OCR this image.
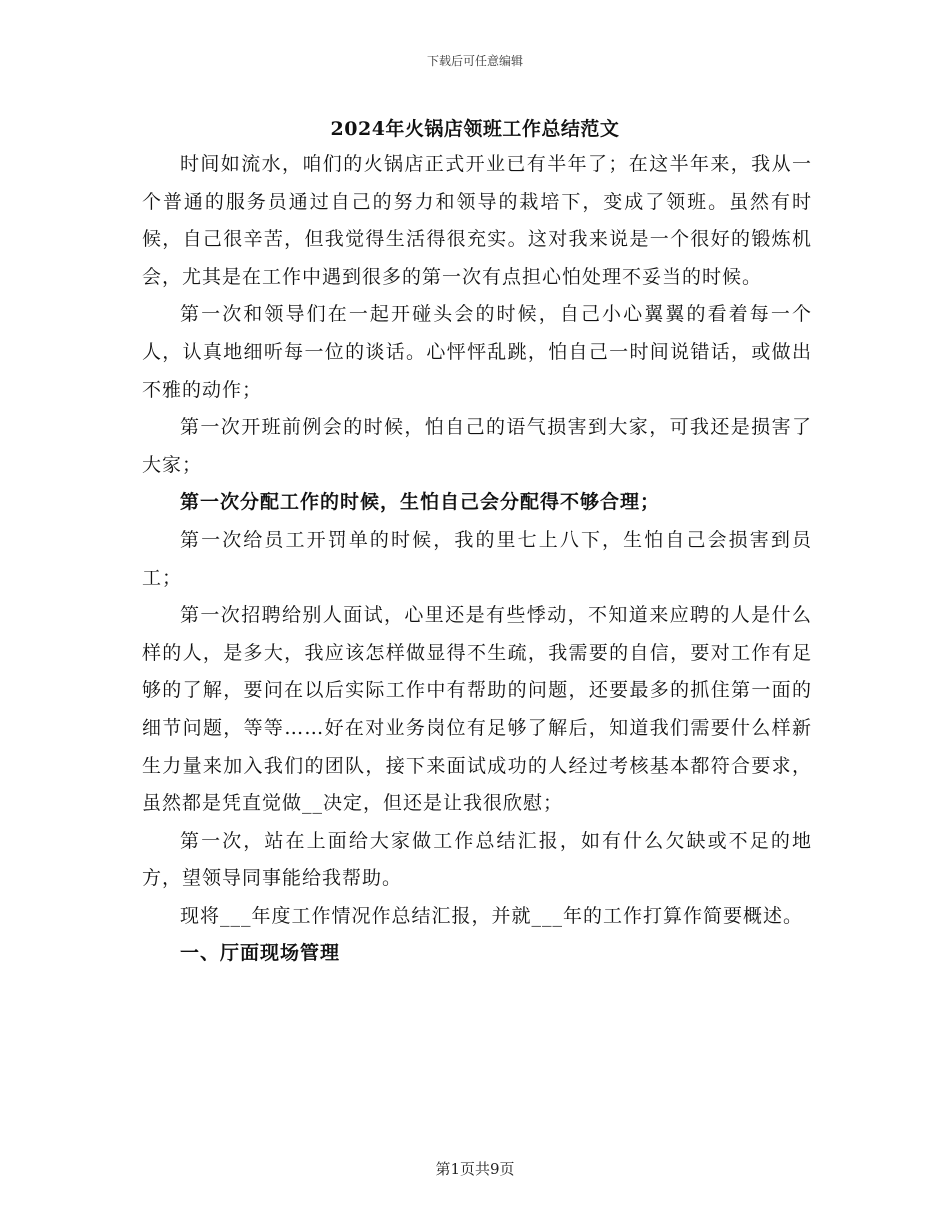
下载后可任意编辑
2024年火锅店领班工作总结范文

时间如流水，咱们的火锅店正式开业已有半年了；在这半年来，我从一个普通的服务员通过自己的努力和领导的栽培下，变成了领班。虽然有时候，自己很辛苦，但我觉得生活得很充实。这对我来说是一个很好的锻炼机会，尤其是在工作中遇到很多的第一次有点担心怕处理不妥当的时候。

第一次和领导们在一起开碰头会的时候，自己小心翼翼的看着每一个人，认真地细听每一位的谈话。心怦怦乱跳，怕自己一时间说错话，或做出不雅的动作；

第一次开班前例会的时候，怕自己的语气损害到大家，可我还是损害了大家；

第一次分配工作的时候，生怕自己会分配得不够合理；

第一次给员工开罚单的时候，我的里七上八下，生怕自己会损害到员工；

第一次招聘给别人面试，心里还是有些悸动，不知道来应聘的人是什么样的人，是多大，我应该怎样做显得不生疏，我需要的自信，要对工作有足够的了解，要问在以后实际工作中有帮助的问题，还要最多的抓住第一面的细节问题，等等……好在对业务岗位有足够了解后，知道我们需要什么样新生力量来加入我们的团队，接下来面试成功的人经过考核基本都符合要求，虽然都是凭直觉做__决定，但还是让我很欣慰；

第一次，站在上面给大家做工作总结汇报，如有什么欠缺或不足的地方，望领导同事能给我帮助。

现将___年度工作情况作总结汇报，并就___年的工作打算作简要概述。

一、厅面现场管理

第1页共9页
